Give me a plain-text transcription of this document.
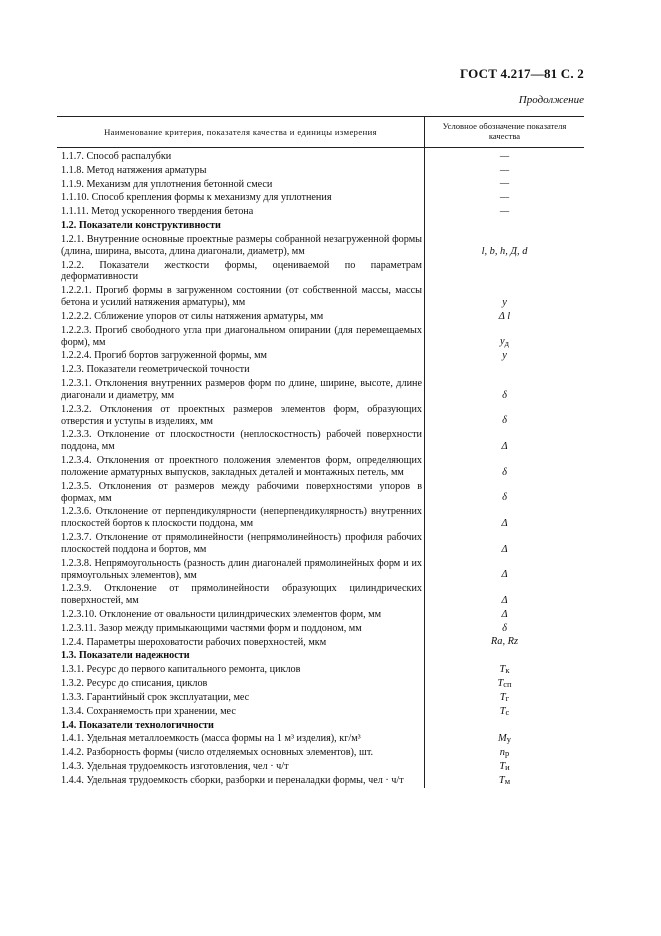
ГОСТ 4.217—81 С. 2
Продолжение
Наименование критерия, показателя качества и единицы измерения
Условное обозначение показателя качества
1.1.7. Способ распалубки	—
1.1.8. Метод натяжения арматуры	—
1.1.9. Механизм для уплотнения бетонной смеси	—
1.1.10. Способ крепления формы к механизму для уплотнения	—
1.1.11. Метод ускоренного твердения бетона	—
1.2. Показатели конструктивности
1.2.1. Внутренние основные проектные размеры собранной незагруженной формы (длина, ширина, высота, длина диагонали, диаметр), мм	l, b, h, Д, d
1.2.2. Показатели жесткости формы, оцениваемой по параметрам деформативности
1.2.2.1. Прогиб формы в загруженном состоянии (от собственной массы, массы бетона и усилий натяжения арматуры), мм	y
1.2.2.2. Сближение упоров от силы натяжения арматуры, мм	Δ l
1.2.2.3. Прогиб свободного угла при диагональном опирании (для перемещаемых форм), мм	y д
1.2.2.4. Прогиб бортов загруженной формы, мм	y
1.2.3. Показатели геометрической точности
1.2.3.1. Отклонения внутренних размеров форм по длине, ширине, высоте, длине диагонали и диаметру, мм	δ
1.2.3.2. Отклонения от проектных размеров элементов форм, образующих отверстия и уступы в изделиях, мм	δ
1.2.3.3. Отклонение от плоскостности (неплоскостность) рабочей поверхности поддона, мм	Δ
1.2.3.4. Отклонения от проектного положения элементов форм, определяющих положение арматурных выпусков, закладных деталей и монтажных петель, мм	δ
1.2.3.5. Отклонения от размеров между рабочими поверхностями упоров в формах, мм	δ
1.2.3.6. Отклонение от перпендикулярности (неперпендикулярность) внутренних плоскостей бортов к плоскости поддона, мм	Δ
1.2.3.7. Отклонение от прямолинейности (непрямолинейность) профиля рабочих плоскостей поддона и бортов, мм	Δ
1.2.3.8. Непрямоугольность (разность длин диагоналей прямолинейных форм и их прямоугольных элементов), мм	Δ
1.2.3.9. Отклонение от прямолинейности образующих цилиндрических поверхностей, мм	Δ
1.2.3.10. Отклонение от овальности цилиндрических элементов форм, мм	Δ
1.2.3.11. Зазор между примыкающими частями форм и поддоном, мм	δ
1.2.4. Параметры шероховатости рабочих поверхностей, мкм	Ra, Rz
1.3. Показатели надежности
1.3.1. Ресурс до первого капитального ремонта, циклов	T к
1.3.2. Ресурс до списания, циклов	T сп
1.3.3. Гарантийный срок эксплуатации, мес	T г
1.3.4. Сохраняемость при хранении, мес	T с
1.4. Показатели технологичности
1.4.1. Удельная металлоемкость (масса формы на 1 м³ изделия), кг/м³	M у
1.4.2. Разборность формы (число отделяемых основных элементов), шт.	n р
1.4.3. Удельная трудоемкость изготовления, чел · ч/т	T и
1.4.4. Удельная трудоемкость сборки, разборки и переналадки формы, чел · ч/т	T м
